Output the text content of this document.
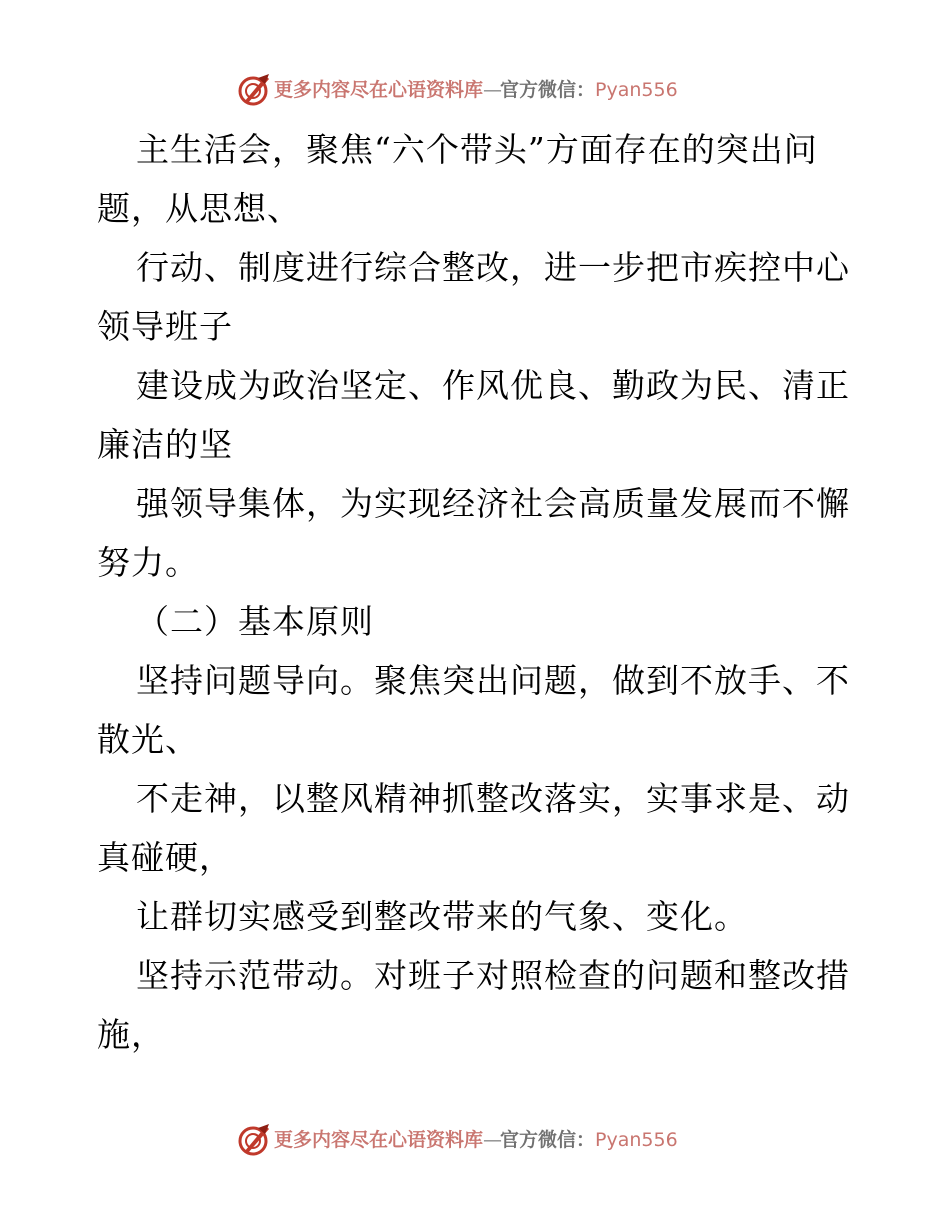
更多内容尽在心语资料库—官方微信：Pyan556
主生活会，聚焦“六个带头”方面存在的突出问
题，从思想、
行动、制度进行综合整改，进一步把市疾控中心
领导班子
建设成为政治坚定、作风优良、勤政为民、清正
廉洁的坚
强领导集体，为实现经济社会高质量发展而不懈
努力。
（二）基本原则
坚持问题导向。聚焦突出问题，做到不放手、不
散光、
不走神，以整风精神抓整改落实，实事求是、动
真碰硬，
让群切实感受到整改带来的气象、变化。
坚持示范带动。对班子对照检查的问题和整改措
施，
更多内容尽在心语资料库—官方微信：Pyan556
